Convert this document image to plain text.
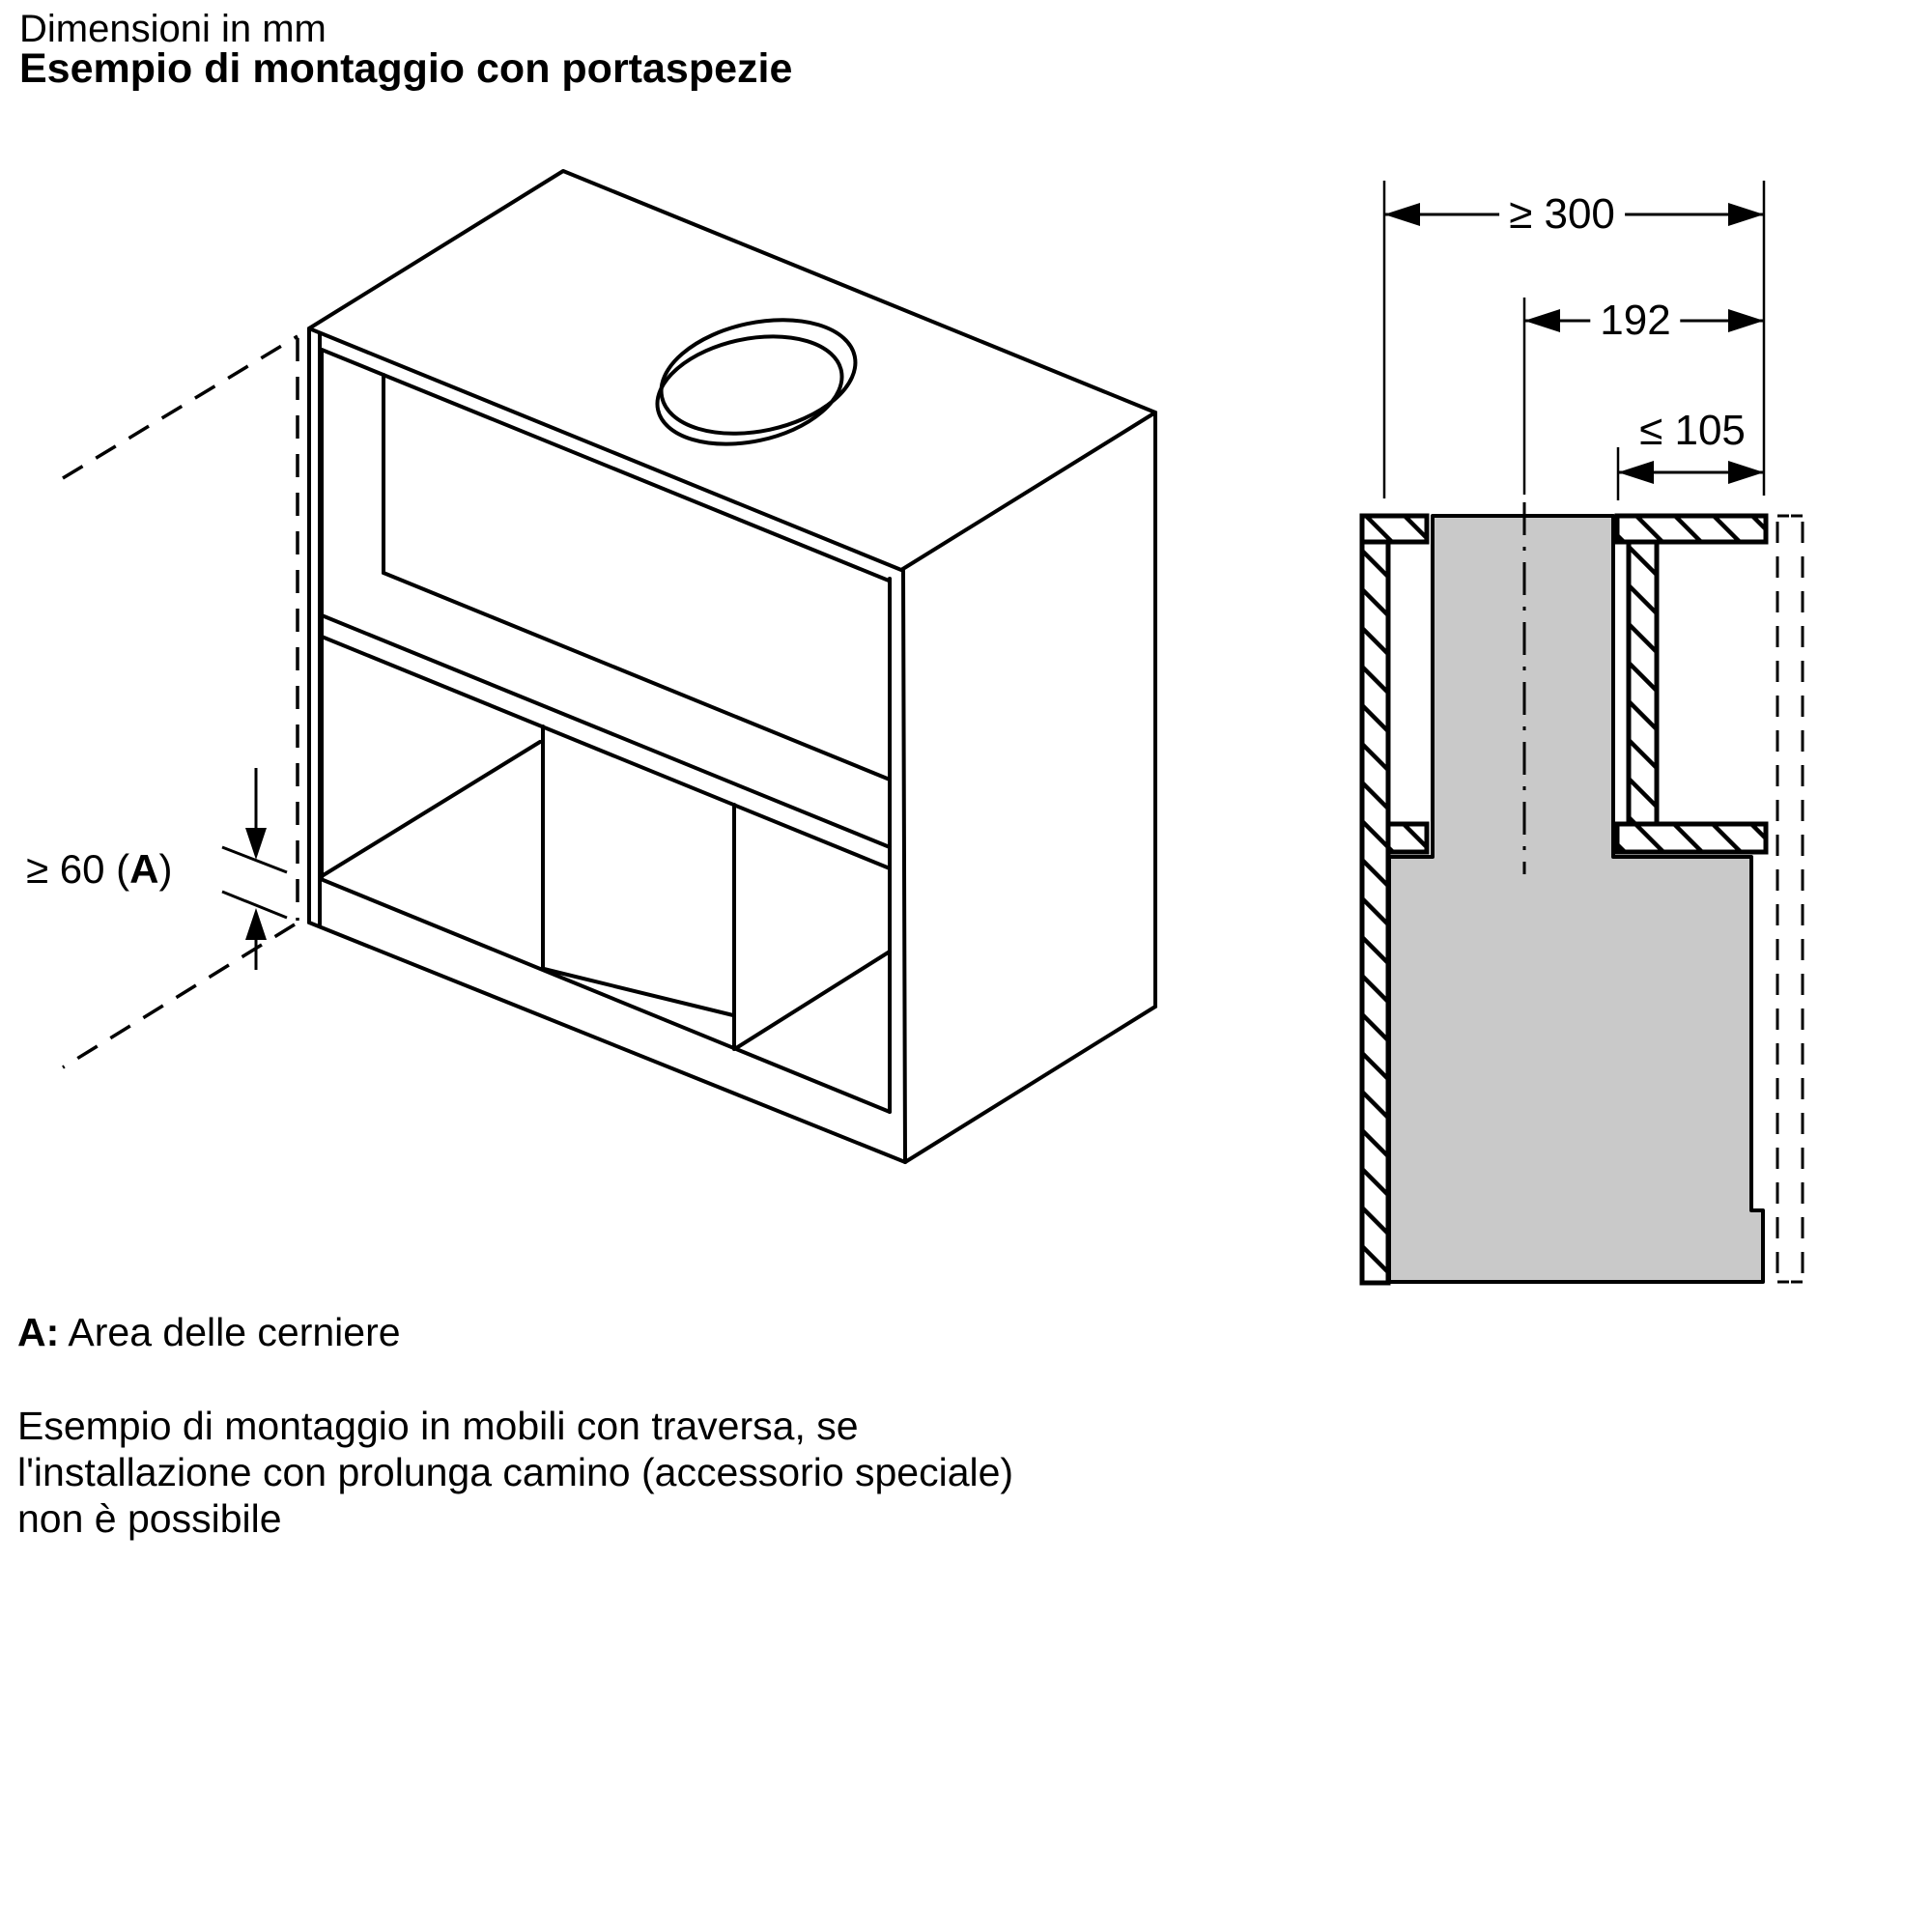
Dimensioni in mm
Esempio di montaggio con portaspezie
≥ 300
192
≤ 105
≥ 60 (A)
A: Area delle cerniere
Esempio di montaggio in mobili con traversa, se
l'installazione con prolunga camino (accessorio speciale)
non è possibile
